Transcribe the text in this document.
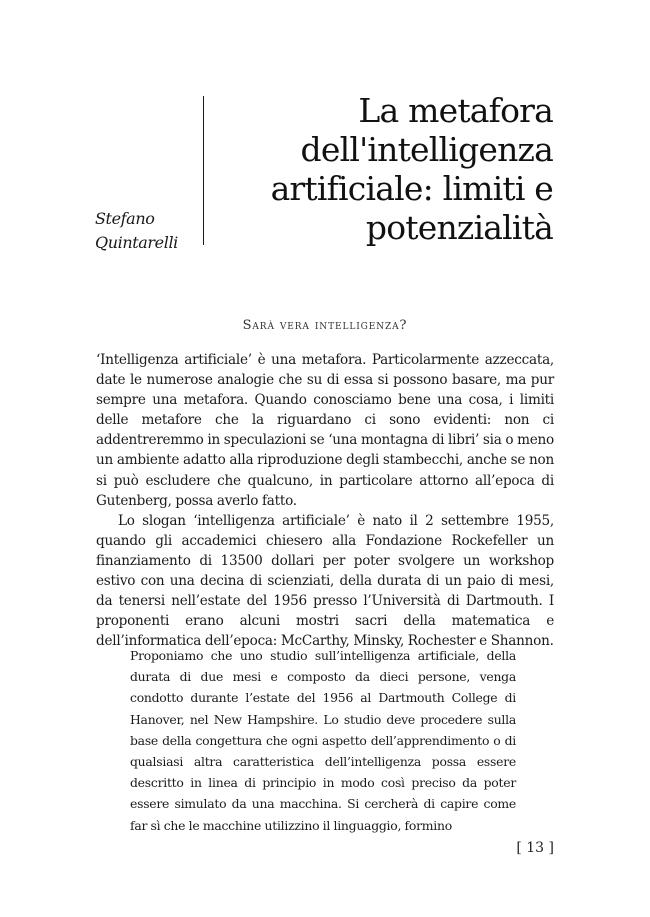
Stefano
Quintarelli
La metafora
dell'intelligenza
artificiale: limiti e
potenzialità
Sarà vera intelligenza?

‘Intelligenza artificiale’ è una metafora. Particolarmente azzeccata, date le numerose analogie che su di essa si possono basare, ma pur sempre una metafora. Quando conosciamo bene una cosa, i limiti delle metafore che la riguardano ci sono evidenti: non ci addentreremmo in speculazioni se ‘una montagna di libri’ sia o meno un ambiente adatto alla riproduzione degli stambecchi, anche se non si può escludere che qualcuno, in particolare attorno all’epoca di Gutenberg, possa averlo fatto.

Lo slogan ‘intelligenza artificiale’ è nato il 2 settembre 1955, quando gli accademici chiesero alla Fondazione Rockefeller un finanziamento di 13500 dollari per poter svolgere un workshop estivo con una decina di scienziati, della durata di un paio di mesi, da tenersi nell’estate del 1956 presso l’Università di Dartmouth. I proponenti erano alcuni mostri sacri della matematica e dell’informatica dell’epoca: McCarthy, Minsky, Rochester e Shannon.

Proponiamo che uno studio sull’intelligenza artificiale, della durata di due mesi e composto da dieci persone, venga condotto durante l’estate del 1956 al Dartmouth College di Hanover, nel New Hampshire. Lo studio deve procedere sulla base della congettura che ogni aspetto dell’apprendimento o di qualsiasi altra caratteristica dell’intelligenza possa essere descritto in linea di principio in modo così preciso da poter essere simulato da una macchina. Si cercherà di capire come far sì che le macchine utilizzino il linguaggio, formino

[ 13 ]
